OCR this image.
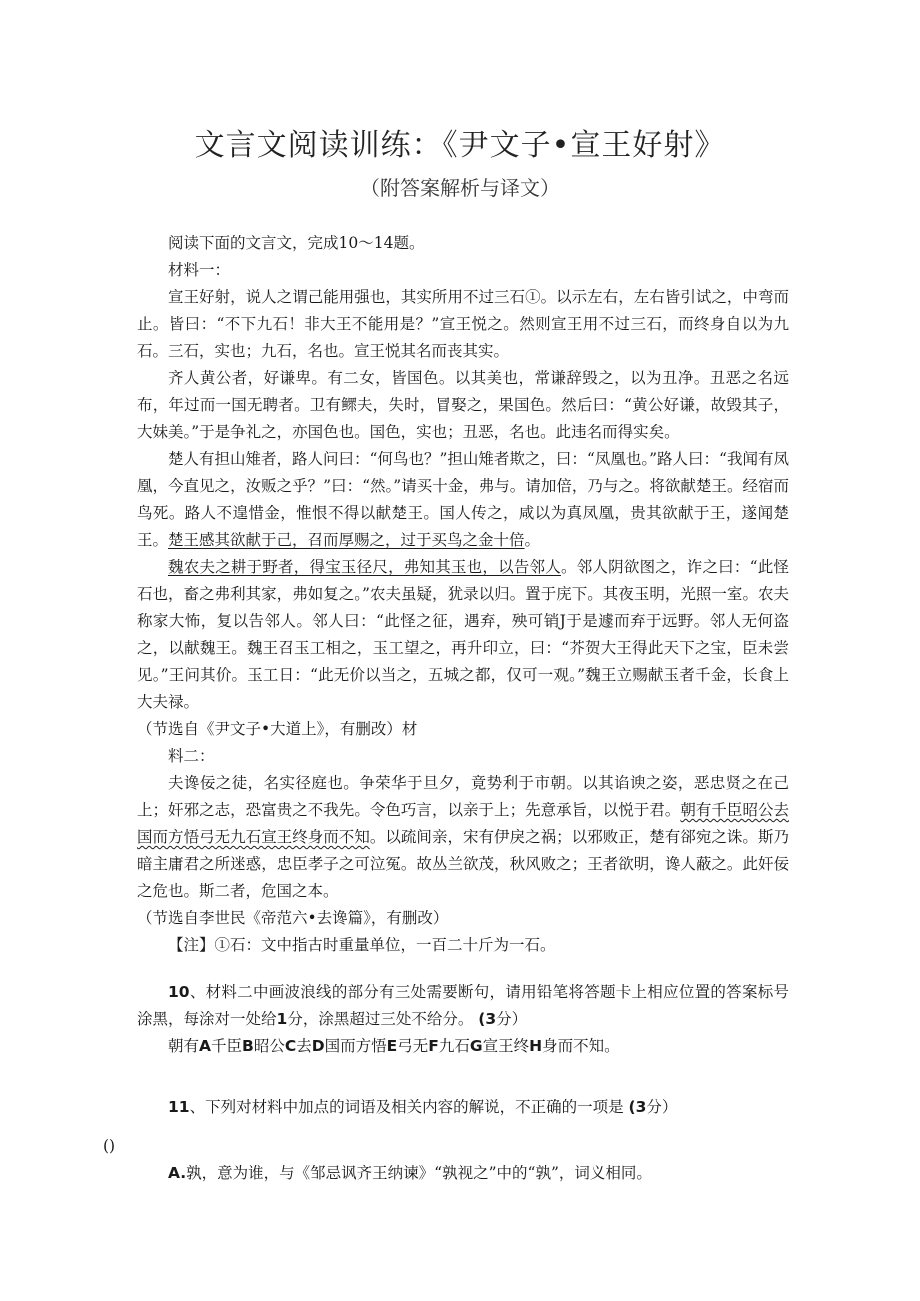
文言文阅读训练：《尹文子•宣王好射》
（附答案解析与译文）

阅读下面的文言文，完成10〜14题。

材料一：

宣王好射，说人之谓己能用强也，其实所用不过三石①。以示左右，左右皆引试之，中弯而止。皆曰：“不下九石！非大王不能用是？”宣王悦之。然则宣王用不过三石，而终身自以为九石。三石，实也；九石，名也。宣王悦其名而丧其实。

齐人黄公者，好谦卑。有二女，皆国色。以其美也，常谦辞毁之，以为丑净。丑恶之名远布，年过而一国无聘者。卫有鳏夫，失时，冒娶之，果国色。然后曰：“黄公好谦，故毁其子，大妹美。”于是争礼之，亦国色也。国色，实也；丑恶，名也。此违名而得实矣。

楚人有担山雉者，路人问曰：“何鸟也？”担山雉者欺之，曰：“凤凰也。”路人曰：“我闻有凤凰，今直见之，汝贩之乎？”曰：“然。”请买十金，弗与。请加倍，乃与之。将欲献楚王。经宿而鸟死。路人不遑惜金，惟恨不得以献楚王。国人传之，咸以为真凤凰，贵其欲献于王，遂闻楚王。楚王感其欲献于己，召而厚赐之，过于买鸟之金十倍。

魏农夫之耕于野者，得宝玉径尺，弗知其玉也，以告邻人。邻人阴欲图之，诈之曰：“此怪石也，畜之弗利其家，弗如复之。”农夫虽疑，犹录以归。置于庑下。其夜玉明，光照一室。农夫称家大怖，复以告邻人。邻人曰：“此怪之征，遇弃，殃可销J于是遽而弃于远野。邻人无何盗之，以献魏王。魏王召玉工相之，玉工望之，再升印立，曰：“芥贺大王得此天下之宝，臣未尝见。”王问其价。玉工日：“此无价以当之，五城之都，仅可一观。”魏王立赐献玉者千金，长食上大夫禄。

（节选自《尹文子•大道上》，有删改）材

料二：

夫谗佞之徒，名实径庭也。争荣华于旦夕，竟势利于市朝。以其谄谀之姿，恶忠贤之在己上；奸邪之志，恐富贵之不我先。令色巧言，以亲于上；先意承旨，以悦于君。朝有千臣昭公去国而方悟弓无九石宣王终身而不知。以疏间亲，宋有伊戾之祸；以邪败正，楚有郤宛之诛。斯乃暗主庸君之所迷惑，忠臣孝子之可泣冤。故丛兰欲茂，秋风败之；王者欲明，谗人蔽之。此奸佞之危也。斯二者，危国之本。

（节选自李世民《帝范六•去谗篇》，有删改）

【注】①石：文中指古时重量单位，一百二十斤为一石。

10、材料二中画波浪线的部分有三处需要断句，请用铅笔将答题卡上相应位置的答案标号涂黑，每涂对一处给1分，涂黑超过三处不给分。 (3分）

朝有A千臣B昭公C去D国而方悟E弓无F九石G宣王终H身而不知。

11、下列对材料中加点的词语及相关内容的解说，不正确的一项是 (3分）

()

A.孰，意为谁，与《邹忌讽齐王纳谏》“孰视之”中的“孰”，词义相同。
